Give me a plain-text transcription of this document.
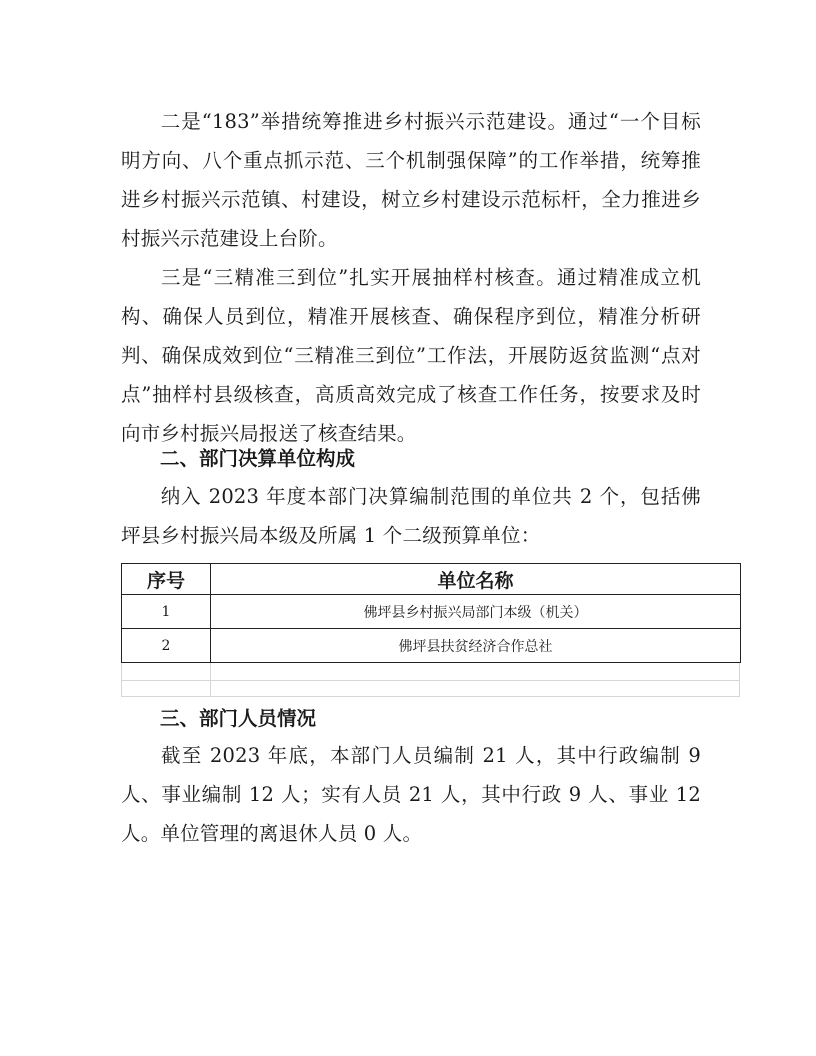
二是“183”举措统筹推进乡村振兴示范建设。通过“一个目标明方向、八个重点抓示范、三个机制强保障”的工作举措，统筹推进乡村振兴示范镇、村建设，树立乡村建设示范标杆，全力推进乡村振兴示范建设上台阶。

三是“三精准三到位”扎实开展抽样村核查。通过精准成立机构、确保人员到位，精准开展核查、确保程序到位，精准分析研判、确保成效到位“三精准三到位”工作法，开展防返贫监测“点对点”抽样村县级核查，高质高效完成了核查工作任务，按要求及时向市乡村振兴局报送了核查结果。

二、部门决算单位构成

纳入 2023 年度本部门决算编制范围的单位共 2 个，包括佛坪县乡村振兴局本级及所属 1 个二级预算单位：

序号	单位名称
1	佛坪县乡村振兴局部门本级（机关）
2	佛坪县扶贫经济合作总社
三、部门人员情况

截至 2023 年底，本部门人员编制 21 人，其中行政编制 9 人、事业编制 12 人；实有人员 21 人，其中行政 9 人、事业 12 人。单位管理的离退休人员 0 人。
